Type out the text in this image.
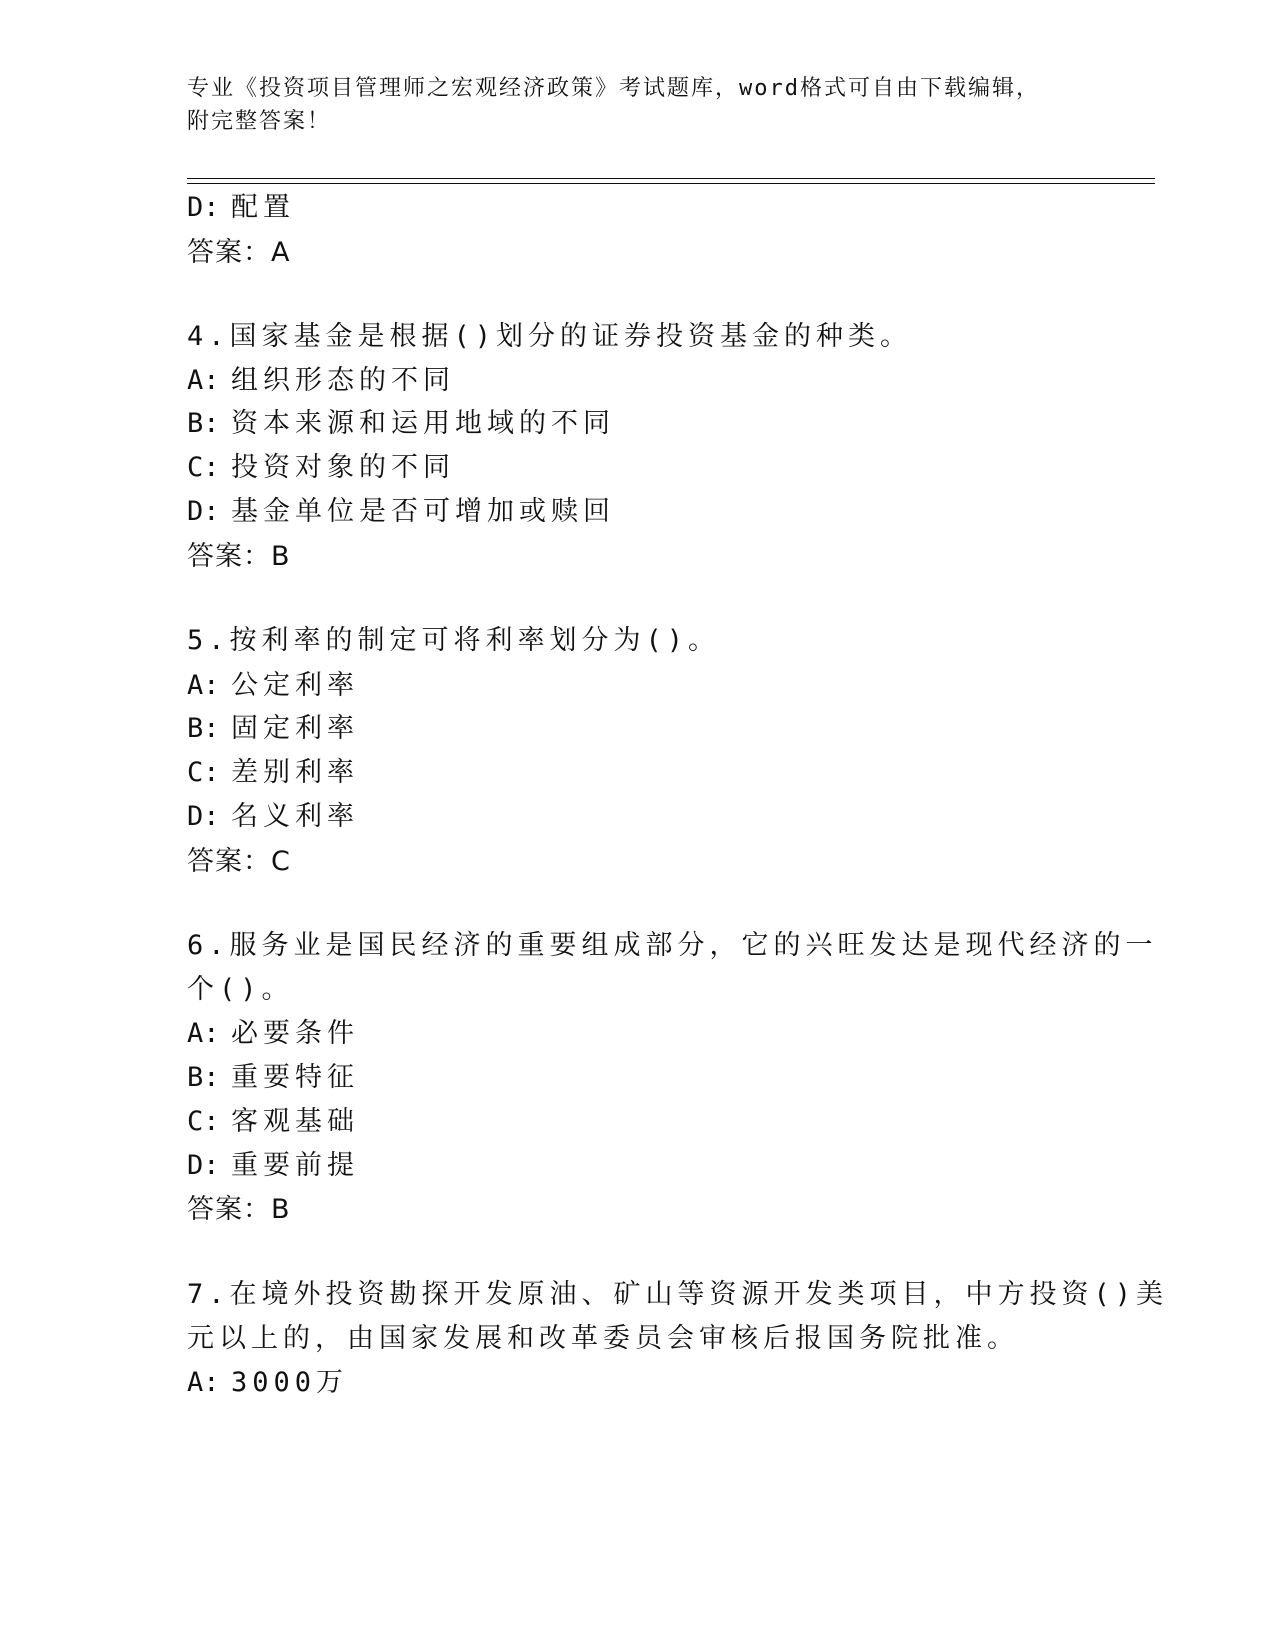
专业《投资项目管理师之宏观经济政策》考试题库，word格式可自由下载编辑，
附完整答案！
D: 配置
答案：A
4.国家基金是根据()划分的证券投资基金的种类。
A: 组织形态的不同
B: 资本来源和运用地域的不同
C: 投资对象的不同
D: 基金单位是否可增加或赎回
答案：B
5.按利率的制定可将利率划分为()。
A: 公定利率
B: 固定利率
C: 差别利率
D: 名义利率
答案：C
6.服务业是国民经济的重要组成部分，它的兴旺发达是现代经济的一
个()。
A: 必要条件
B: 重要特征
C: 客观基础
D: 重要前提
答案：B
7.在境外投资勘探开发原油、矿山等资源开发类项目，中方投资()美
元以上的，由国家发展和改革委员会审核后报国务院批准。
A: 3000万
